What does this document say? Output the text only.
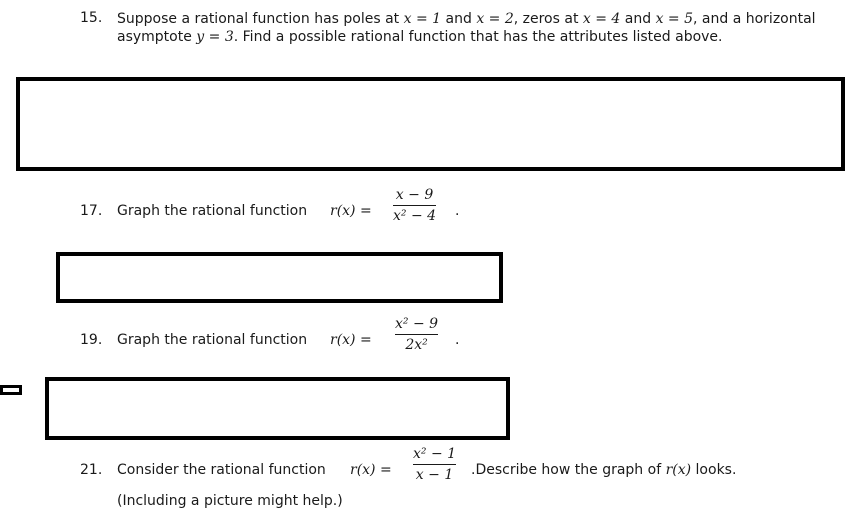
15. Suppose a rational function has poles at x = 1 and x = 2, zeros at x = 4 and x = 5, and a horizontal asymptote y = 3. Find a possible rational function that has the attributes listed above.
17. Graph the rational function r(x) =
x − 9
x² − 4 .
19. Graph the rational function r(x) =
x² − 9
2x² .
21. Consider the rational function r(x) =
x² − 1
x − 1 .Describe how the graph of r(x) looks.
(Including a picture might help.)
